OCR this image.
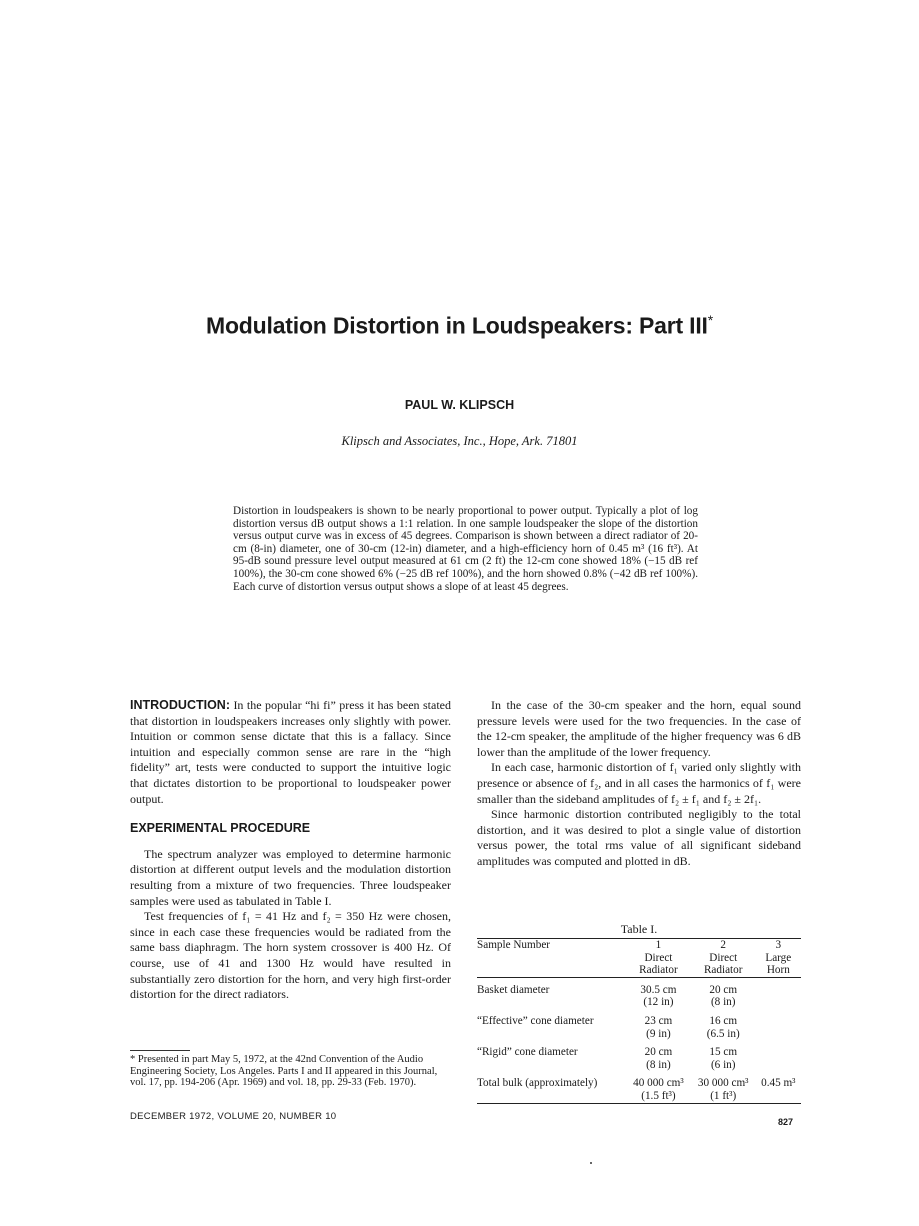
Modulation Distortion in Loudspeakers: Part III*
PAUL W. KLIPSCH
Klipsch and Associates, Inc., Hope, Ark. 71801
Distortion in loudspeakers is shown to be nearly proportional to power output. Typically a plot of log distortion versus dB output shows a 1:1 relation. In one sample loudspeaker the slope of the distortion versus output curve was in excess of 45 degrees. Comparison is shown between a direct radiator of 20-cm (8-in) diameter, one of 30-cm (12-in) diameter, and a high-efficiency horn of 0.45 m³ (16 ft³). At 95-dB sound pressure level output measured at 61 cm (2 ft) the 12-cm cone showed 18% (−15 dB ref 100%), the 30-cm cone showed 6% (−25 dB ref 100%), and the horn showed 0.8% (−42 dB ref 100%). Each curve of distortion versus output shows a slope of at least 45 degrees.

INTRODUCTION: In the popular “hi fi” press it has been stated that distortion in loudspeakers increases only slightly with power. Intuition or common sense dictate that this is a fallacy. Since intuition and especially common sense are rare in the “high fidelity” art, tests were conducted to support the intuitive logic that dictates distortion to be proportional to loudspeaker power output.

EXPERIMENTAL PROCEDURE

The spectrum analyzer was employed to determine harmonic distortion at different output levels and the modulation distortion resulting from a mixture of two frequencies. Three loudspeaker samples were used as tabulated in Table I.

Test frequencies of f₁ = 41 Hz and f₂ = 350 Hz were chosen, since in each case these frequencies would be radiated from the same bass diaphragm. The horn system crossover is 400 Hz. Of course, use of 41 and 1300 Hz would have resulted in substantially zero distortion for the horn, and very high first-order distortion for the direct radiators.

In the case of the 30-cm speaker and the horn, equal sound pressure levels were used for the two frequencies. In the case of the 12-cm speaker, the amplitude of the higher frequency was 6 dB lower than the amplitude of the lower frequency.

In each case, harmonic distortion of f₁ varied only slightly with presence or absence of f₂, and in all cases the harmonics of f₁ were smaller than the sideband amplitudes of f₂ ± f₁ and f₂ ± 2f₁.

Since harmonic distortion contributed negligibly to the total distortion, and it was desired to plot a single value of distortion versus power, the total rms value of all significant sideband amplitudes was computed and plotted in dB.

Table I.
Sample Number	1	2	3
	Direct	Direct	Large
	Radiator	Radiator	Horn
Basket diameter	30.5 cm	20 cm	
	(12 in)	(8 in)	
“Effective” cone diameter	23 cm	16 cm	
	(9 in)	(6.5 in)	
“Rigid” cone diameter	20 cm	15 cm	
	(8 in)	(6 in)	
Total bulk (approximately)	40 000 cm³	30 000 cm³	0.45 m³
	(1.5 ft³)	(1 ft³)	
* Presented in part May 5, 1972, at the 42nd Convention of the Audio Engineering Society, Los Angeles. Parts I and II appeared in this Journal, vol. 17, pp. 194-206 (Apr. 1969) and vol. 18, pp. 29-33 (Feb. 1970).
DECEMBER 1972, VOLUME 20, NUMBER 10	827
